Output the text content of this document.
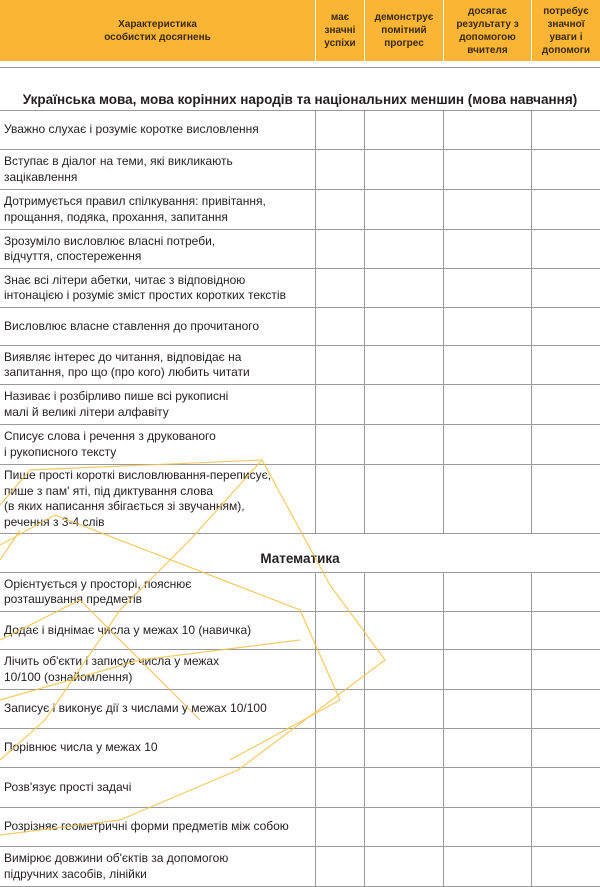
Характеристика
особистих досягнень
має
значні
успіхи
демонструє
помітний
прогрес
досягає
результату з
допомогою
вчителя
потребує
значної
уваги і
допомоги
Українська мова, мова корінних народів та національних меншин (мова навчання)
Математика
Уважно слухає і розуміє коротке висловлення
Вступає в діалог на теми, які викликають
зацікавлення
Дотримується правил спілкування: привітання,
прощання, подяка, прохання, запитання
Зрозуміло висловлює власні потреби,
відчуття, спостереження
Знає всі літери абетки, читає з відповідною
інтонацією і розуміє зміст простих коротких текстів
Висловлює власне ставлення до прочитаного
Виявляє інтерес до читання, відповідає на
запитання, про що (про кого) любить читати
Називає і розбірливо пише всі рукописні
малі й великі літери алфавіту
Списує слова і речення з друкованого
і рукописного тексту
Пише прості короткі висловлювання-переписує,
пише з пам' яті, під диктування слова
(в яких написання збігається зі звучанням),
речення з 3-4 слів
Орієнтується у просторі, пояснює
розташування предметів
Додає і віднімає числа у межах 10 (навичка)
Лічить об'єкти і записує числа у межах
10/100 (ознайомлення)
Записує і виконує дії з числами у межах 10/100
Порівнює числа у межах 10
Розв'язує прості задачі
Розрізняє геометричні форми предметів між собою
Вимірює довжини об'єктів за допомогою
підручних засобів, лінійки
